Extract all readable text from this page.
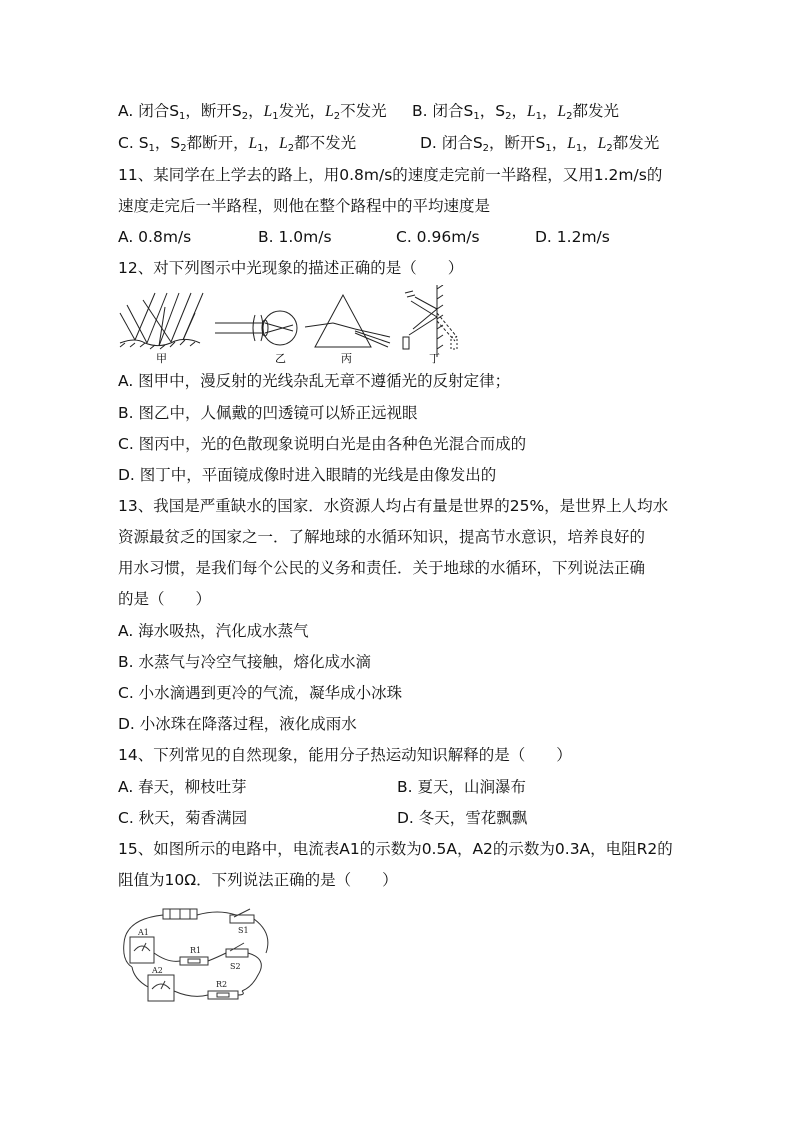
A. 闭合$S_1$，断开$S_2$，$L_1$发光，$L_2$不发光 B. 闭合$S_1$，$S_2$，$L_1$，$L_2$都发光
C. $S_1$，$S_2$都断开，$L_1$，$L_2$都不发光	D. 闭合$S_2$，断开$S_1$，$L_1$，$L_2$都发光
11、某同学在上学去的路上，用0.8m/s的速度走完前一半路程，又用1.2m/s的
速度走完后一半路程，则他在整个路程中的平均速度是
A. 0.8m/s	B. 1.0m/s	C. 0.96m/s	D. 1.2m/s
12、对下列图示中光现象的描述正确的是（　　）
甲	乙	丙	丁
A. 图甲中，漫反射的光线杂乱无章不遵循光的反射定律；
B. 图乙中，人佩戴的凹透镜可以矫正远视眼
C. 图丙中，光的色散现象说明白光是由各种色光混合而成的
D. 图丁中，平面镜成像时进入眼睛的光线是由像发出的
13、我国是严重缺水的国家．水资源人均占有量是世界的25%，是世界上人均水
资源最贫乏的国家之一．了解地球的水循环知识，提高节水意识，培养良好的
用水习惯，是我们每个公民的义务和责任．关于地球的水循环，下列说法正确
的是（　　）
A. 海水吸热，汽化成水蒸气
B. 水蒸气与冷空气接触，熔化成水滴
C. 小水滴遇到更冷的气流，凝华成小冰珠
D. 小冰珠在降落过程，液化成雨水
14、下列常见的自然现象，能用分子热运动知识解释的是（　　）
A. 春天，柳枝吐芽	B. 夏天，山涧瀑布
C. 秋天，菊香满园	D. 冬天，雪花飘飘
15、如图所示的电路中，电流表A1的示数为0.5A，A2的示数为0.3A，电阻R2的
阻值为10Ω．下列说法正确的是（　　）
S1
S2
R1
R2
A1
A2
